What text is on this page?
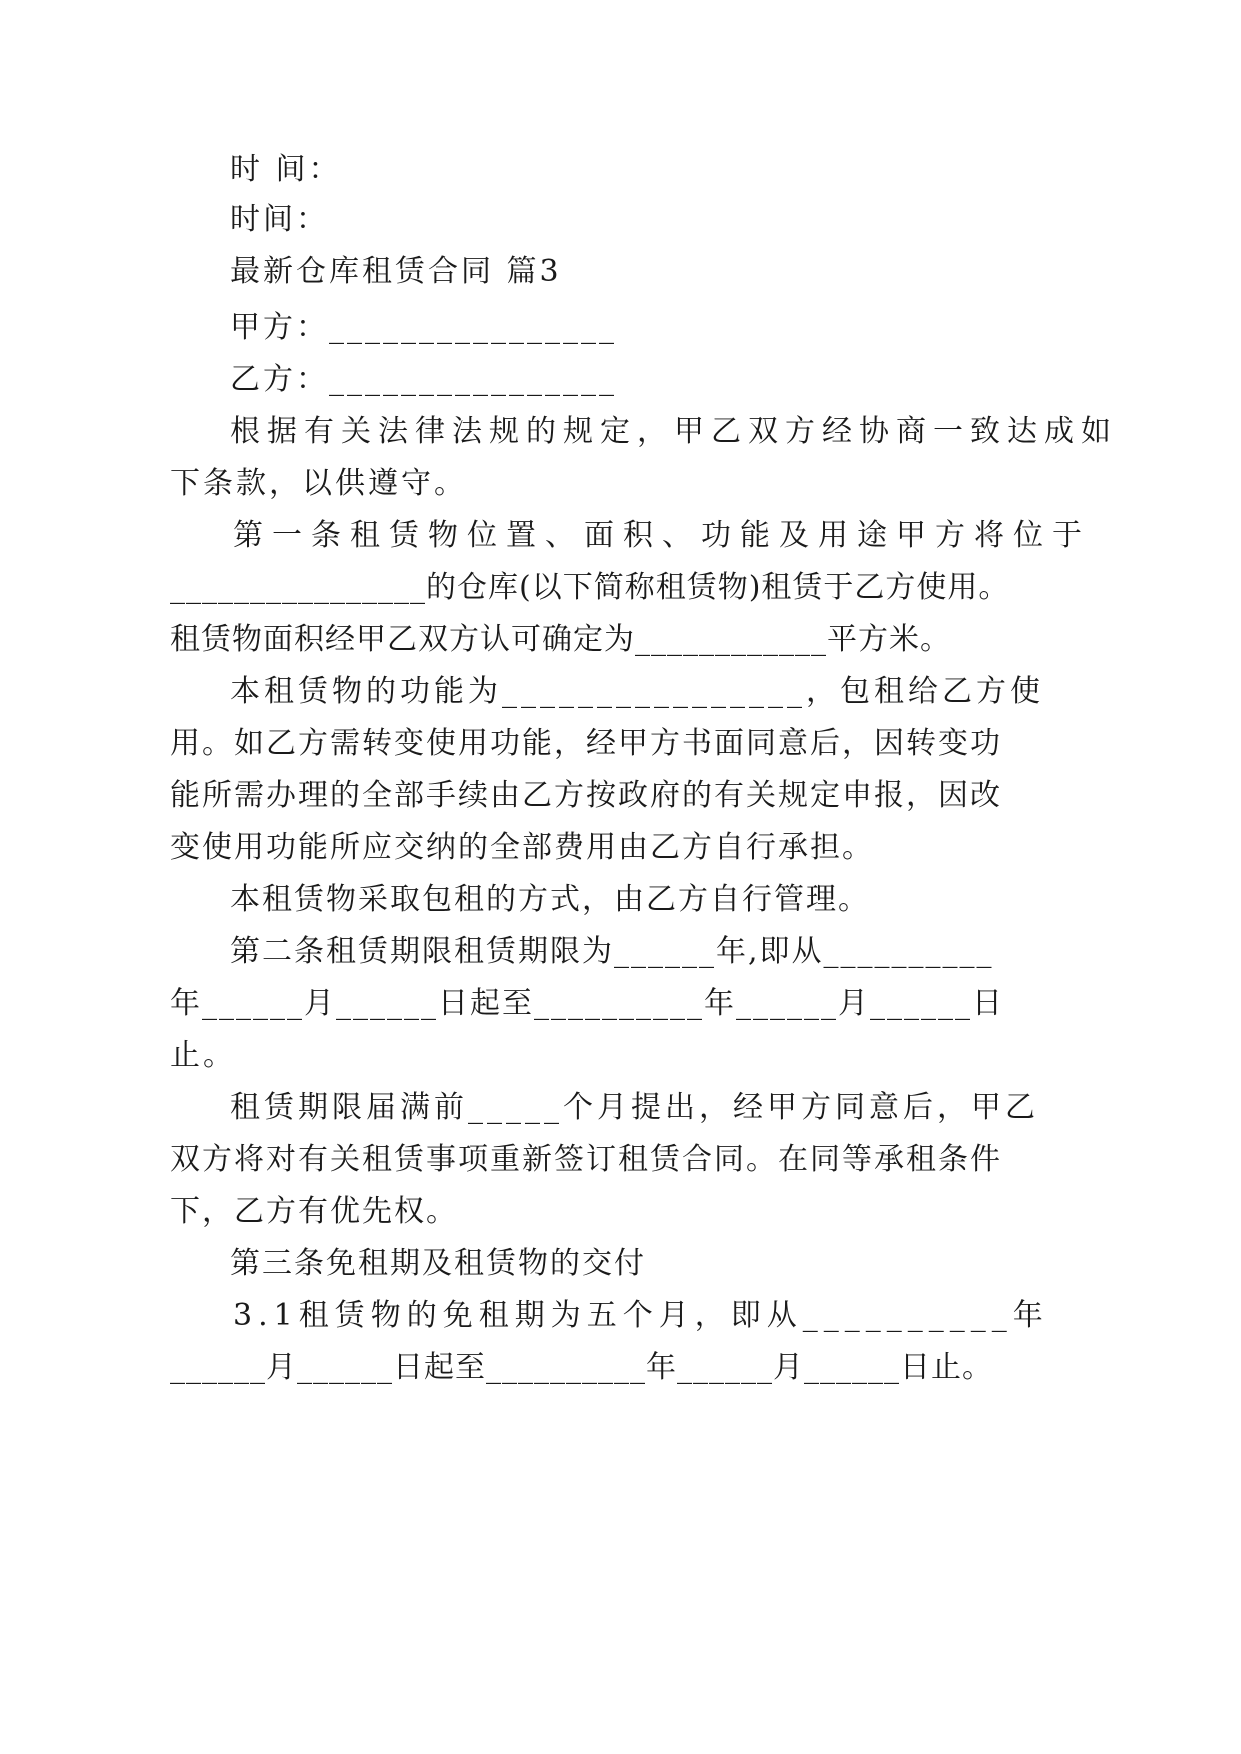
时 间：
时间：
最新仓库租赁合同 篇3
甲方：________________
乙方：________________
根据有关法律法规的规定，甲乙双方经协商一致达成如
下条款，以供遵守。
第一条租赁物位置、面积、功能及用途甲方将位于
________________的仓库(以下简称租赁物)租赁于乙方使用。
租赁物面积经甲乙双方认可确定为____________平方米。
本租赁物的功能为________________，包租给乙方使
用。如乙方需转变使用功能，经甲方书面同意后，因转变功
能所需办理的全部手续由乙方按政府的有关规定申报，因改
变使用功能所应交纳的全部费用由乙方自行承担。
本租赁物采取包租的方式，由乙方自行管理。
第二条租赁期限租赁期限为______年,即从__________
年______月______日起至__________年______月______日
止。
租赁期限届满前_____个月提出，经甲方同意后，甲乙
双方将对有关租赁事项重新签订租赁合同。在同等承租条件
下，乙方有优先权。
第三条免租期及租赁物的交付
3.1租赁物的免租期为五个月，即从__________年
______月______日起至__________年______月______日止。
